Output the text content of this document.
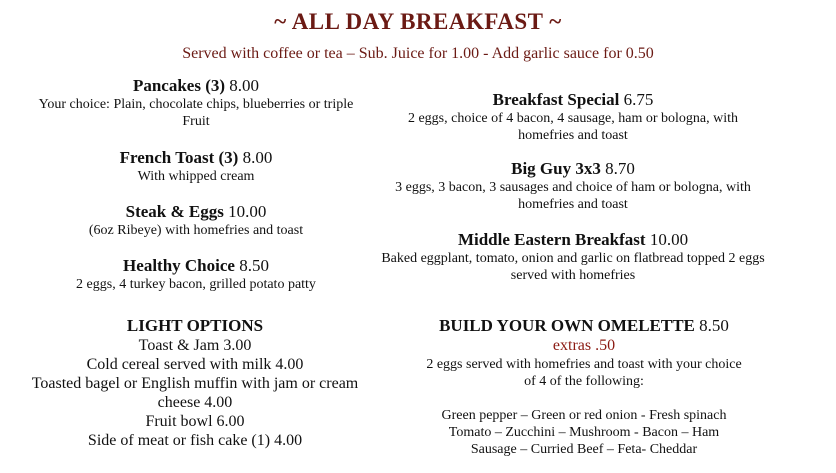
~ ALL DAY BREAKFAST ~
Served with coffee or tea – Sub. Juice for 1.00 - Add garlic sauce for 0.50
Pancakes (3) 8.00
Your choice: Plain, chocolate chips, blueberries or triple Fruit
French Toast (3) 8.00
With whipped cream
Steak & Eggs 10.00
(6oz Ribeye) with homefries and toast
Healthy Choice 8.50
2 eggs, 4 turkey bacon, grilled potato patty
Breakfast Special 6.75
2 eggs, choice of 4 bacon, 4 sausage, ham or bologna, with homefries and toast
Big Guy 3x3 8.70
3 eggs, 3 bacon, 3 sausages and choice of ham or bologna, with homefries and toast
Middle Eastern Breakfast 10.00
Baked eggplant, tomato, onion and garlic on flatbread topped 2 eggs served with homefries
LIGHT OPTIONS
Toast & Jam 3.00
Cold cereal served with milk 4.00
Toasted bagel or English muffin with jam or cream cheese 4.00
Fruit bowl 6.00
Side of meat or fish cake (1) 4.00
BUILD YOUR OWN OMELETTE 8.50
extras .50
2 eggs served with homefries and toast with your choice of 4 of the following:
Green pepper – Green or red onion - Fresh spinach
Tomato – Zucchini – Mushroom - Bacon – Ham
Sausage – Curried Beef – Feta- Cheddar
